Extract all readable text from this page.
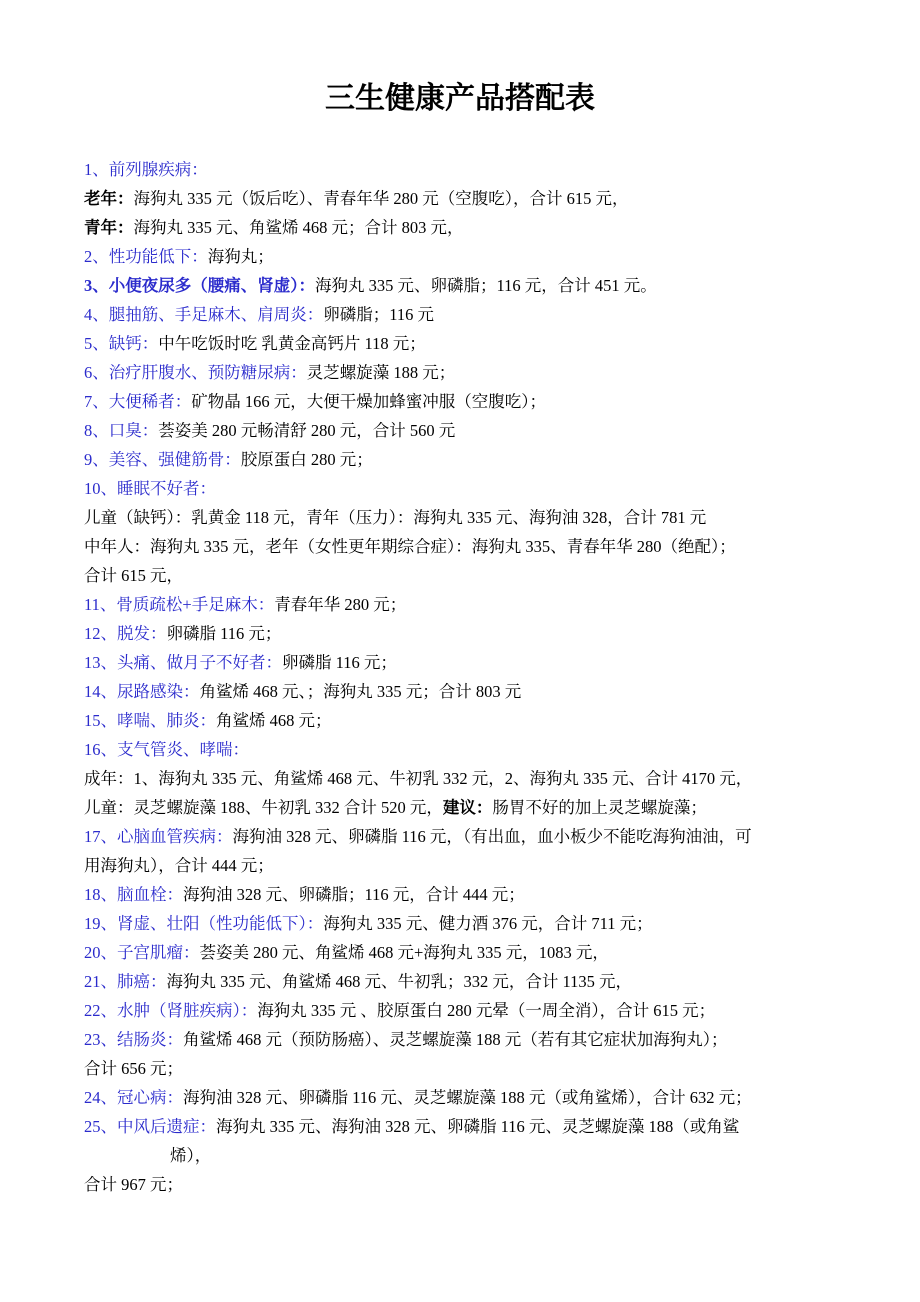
三生健康产品搭配表
1、前列腺疾病：
老年：海狗丸 335 元（饭后吃）、青春年华 280 元（空腹吃），合计 615 元，
青年：海狗丸 335 元、角鲨烯 468 元；合计 803 元，
2、性功能低下：海狗丸；
3、小便夜尿多（腰痛、肾虚）：海狗丸 335 元、卵磷脂；116 元，合计 451 元。
4、腿抽筋、手足麻木、肩周炎：卵磷脂；116 元
5、缺钙：中午吃饭时吃 乳黄金高钙片 118 元；
6、治疗肝腹水、预防糖尿病：灵芝螺旋藻 188 元；
7、大便稀者：矿物晶 166 元，大便干燥加蜂蜜冲服（空腹吃）；
8、口臭：荟姿美 280 元畅清舒 280 元，合计 560 元
9、美容、强健筋骨：胶原蛋白 280 元；
10、睡眠不好者：
儿童（缺钙）：乳黄金 118 元，青年（压力）：海狗丸 335 元、海狗油 328，合计 781 元
中年人：海狗丸 335 元，老年（女性更年期综合症）：海狗丸 335、青春年华 280（绝配）；
合计 615 元，
11、骨质疏松+手足麻木：青春年华 280 元；
12、脱发：卵磷脂 116 元；
13、头痛、做月子不好者：卵磷脂 116 元；
14、尿路感染：角鲨烯 468 元、；海狗丸 335 元；合计 803 元
15、哮喘、肺炎：角鲨烯 468 元；
16、支气管炎、哮喘：
成年：1、海狗丸 335 元、角鲨烯 468 元、牛初乳 332 元，2、海狗丸 335 元、合计 4170 元，
儿童：灵芝螺旋藻 188、牛初乳 332 合计 520 元，建议：肠胃不好的加上灵芝螺旋藻；
17、心脑血管疾病：海狗油 328 元、卵磷脂 116 元，（有出血，血小板少不能吃海狗油油，可
用海狗丸），合计 444 元；
18、脑血栓：海狗油 328 元、卵磷脂；116 元，合计 444 元；
19、肾虚、壮阳（性功能低下）：海狗丸 335 元、健力酒 376 元，合计 711 元；
20、子宫肌瘤：荟姿美 280 元、角鲨烯 468 元+海狗丸 335 元，1083 元，
21、肺癌：海狗丸 335 元、角鲨烯 468 元、牛初乳；332 元，合计 1135 元，
22、水肿（肾脏疾病）：海狗丸 335 元 、胶原蛋白 280 元晕（一周全消），合计 615 元；
23、结肠炎：角鲨烯 468 元（预防肠癌）、灵芝螺旋藻 188 元（若有其它症状加海狗丸）；
合计 656 元；
24、冠心病：海狗油 328 元、卵磷脂 116 元、灵芝螺旋藻 188 元（或角鲨烯），合计 632 元；
25、中风后遗症：海狗丸 335 元、海狗油 328 元、卵磷脂 116 元、灵芝螺旋藻 188（或角鲨
烯），
合计 967 元；
